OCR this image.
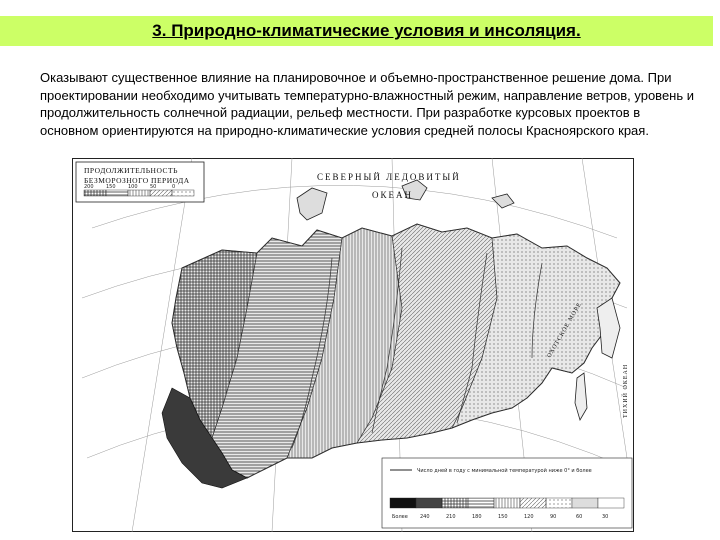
3. Природно-климатические условия и инсоляция.
Оказывают существенное влияние на планировочное и объемно-пространственное решение дома. При проектировании необходимо учитывать температурно-влажностный режим, направление ветров, уровень и продолжительность солнечной радиации, рельеф местности. При разработке курсовых проектов в основном ориентируются на природно-климатические условия средней полосы Красноярского края.
СЕВЕРНЫЙ ЛЕДОВИТЫЙ
ОКЕАН
ОХОТСКОЕ МОРЕ
ТИХИЙ ОКЕАН
ПРОДОЛЖИТЕЛЬНОСТЬ
БЕЗМОРОЗНОГО ПЕРИОДА
200 150 100 50	0
Число дней в году с минимальной температурой ниже 0° и более
Более 240	210	180	150	120	90	60	30
